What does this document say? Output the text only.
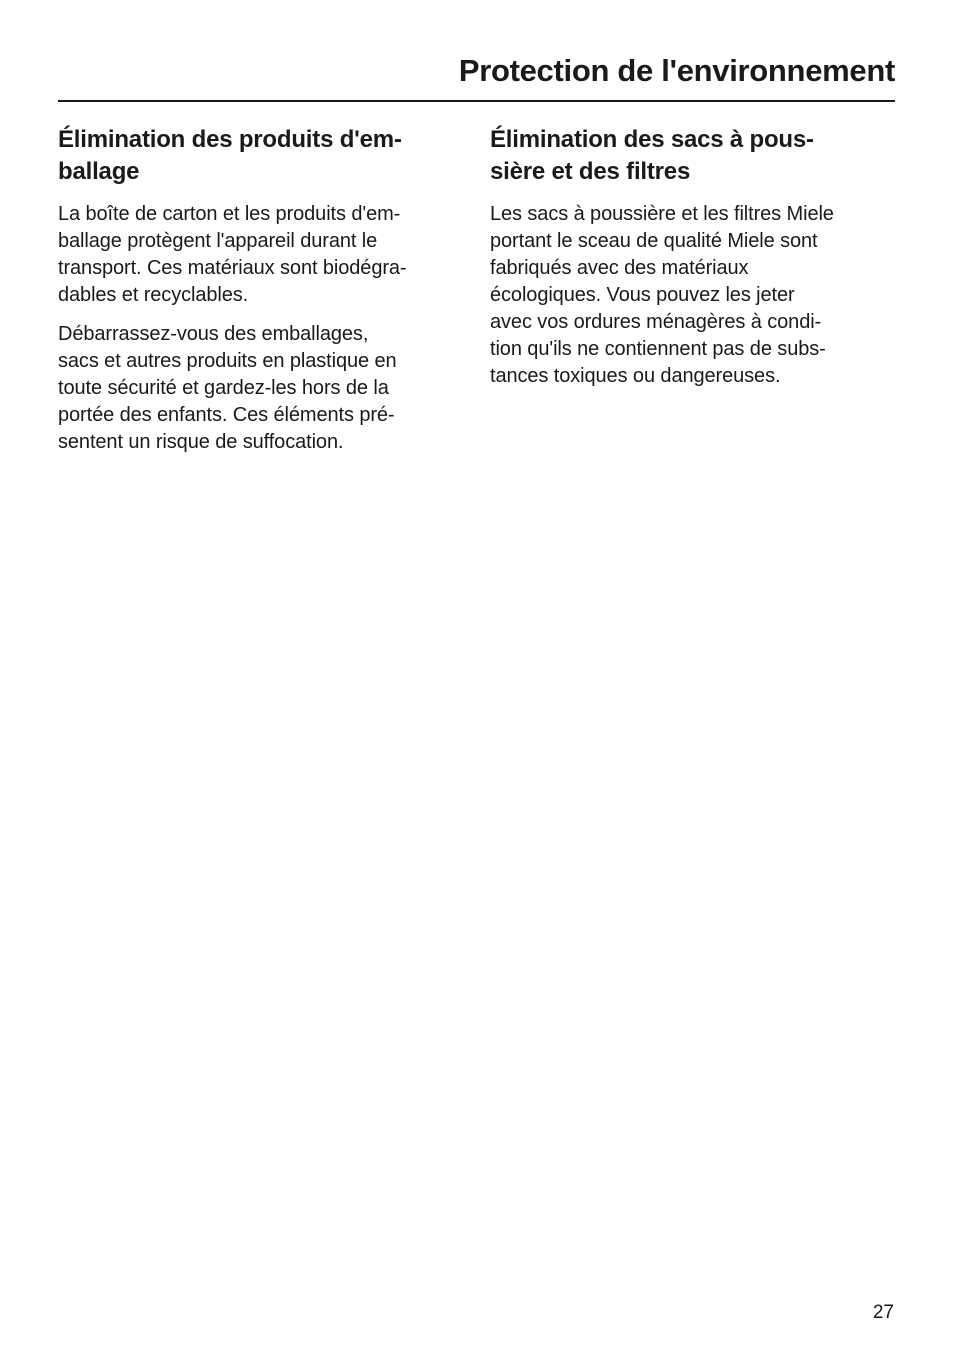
Protection de l'environnement
Élimination des produits d'em-
ballage

La boîte de carton et les produits d'em-
ballage protègent l'appareil durant le
transport. Ces matériaux sont biodégra-
dables et recyclables.

Débarrassez-vous des emballages,
sacs et autres produits en plastique en
toute sécurité et gardez-les hors de la
portée des enfants. Ces éléments pré-
sentent un risque de suffocation.

Élimination des sacs à pous-
sière et des filtres

Les sacs à poussière et les filtres Miele
portant le sceau de qualité Miele sont
fabriqués avec des matériaux
écologiques. Vous pouvez les jeter
avec vos ordures ménagères à condi-
tion qu'ils ne contiennent pas de subs-
tances toxiques ou dangereuses.

27
